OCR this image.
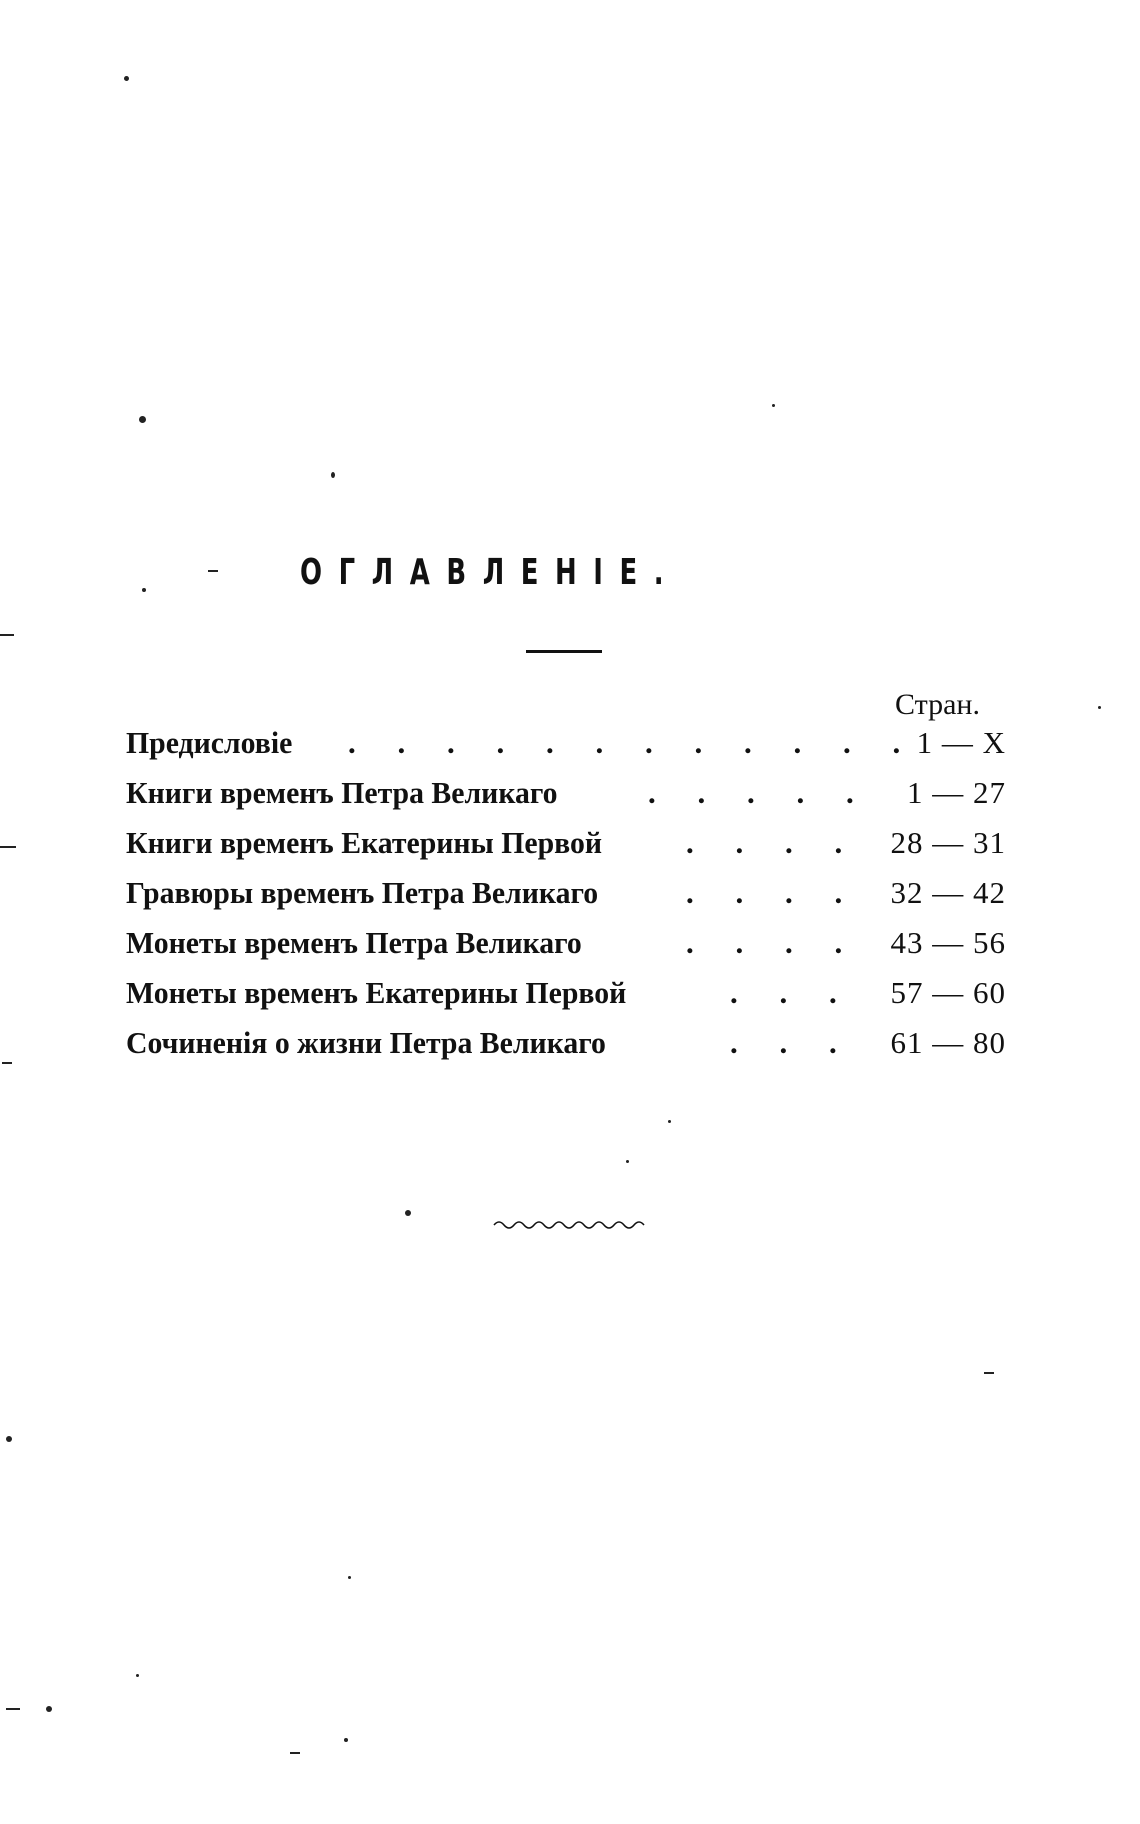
ОГЛАВЛЕНІЕ.
Стран.
Предисловіе . . . . . . . . . . . . 1 — X
Книги временъ Петра Великаго	. . . . .	1 — 27
Книги временъ Екатерины Первой	. . . .	28 — 31
Гравюры временъ Петра Великаго	. . . .	32 — 42
Монеты временъ Петра Великаго	. . . .	43 — 56
Монеты временъ Екатерины Первой	. . .	57 — 60
Сочиненія о жизни Петра Великаго	. . .	61 — 80
